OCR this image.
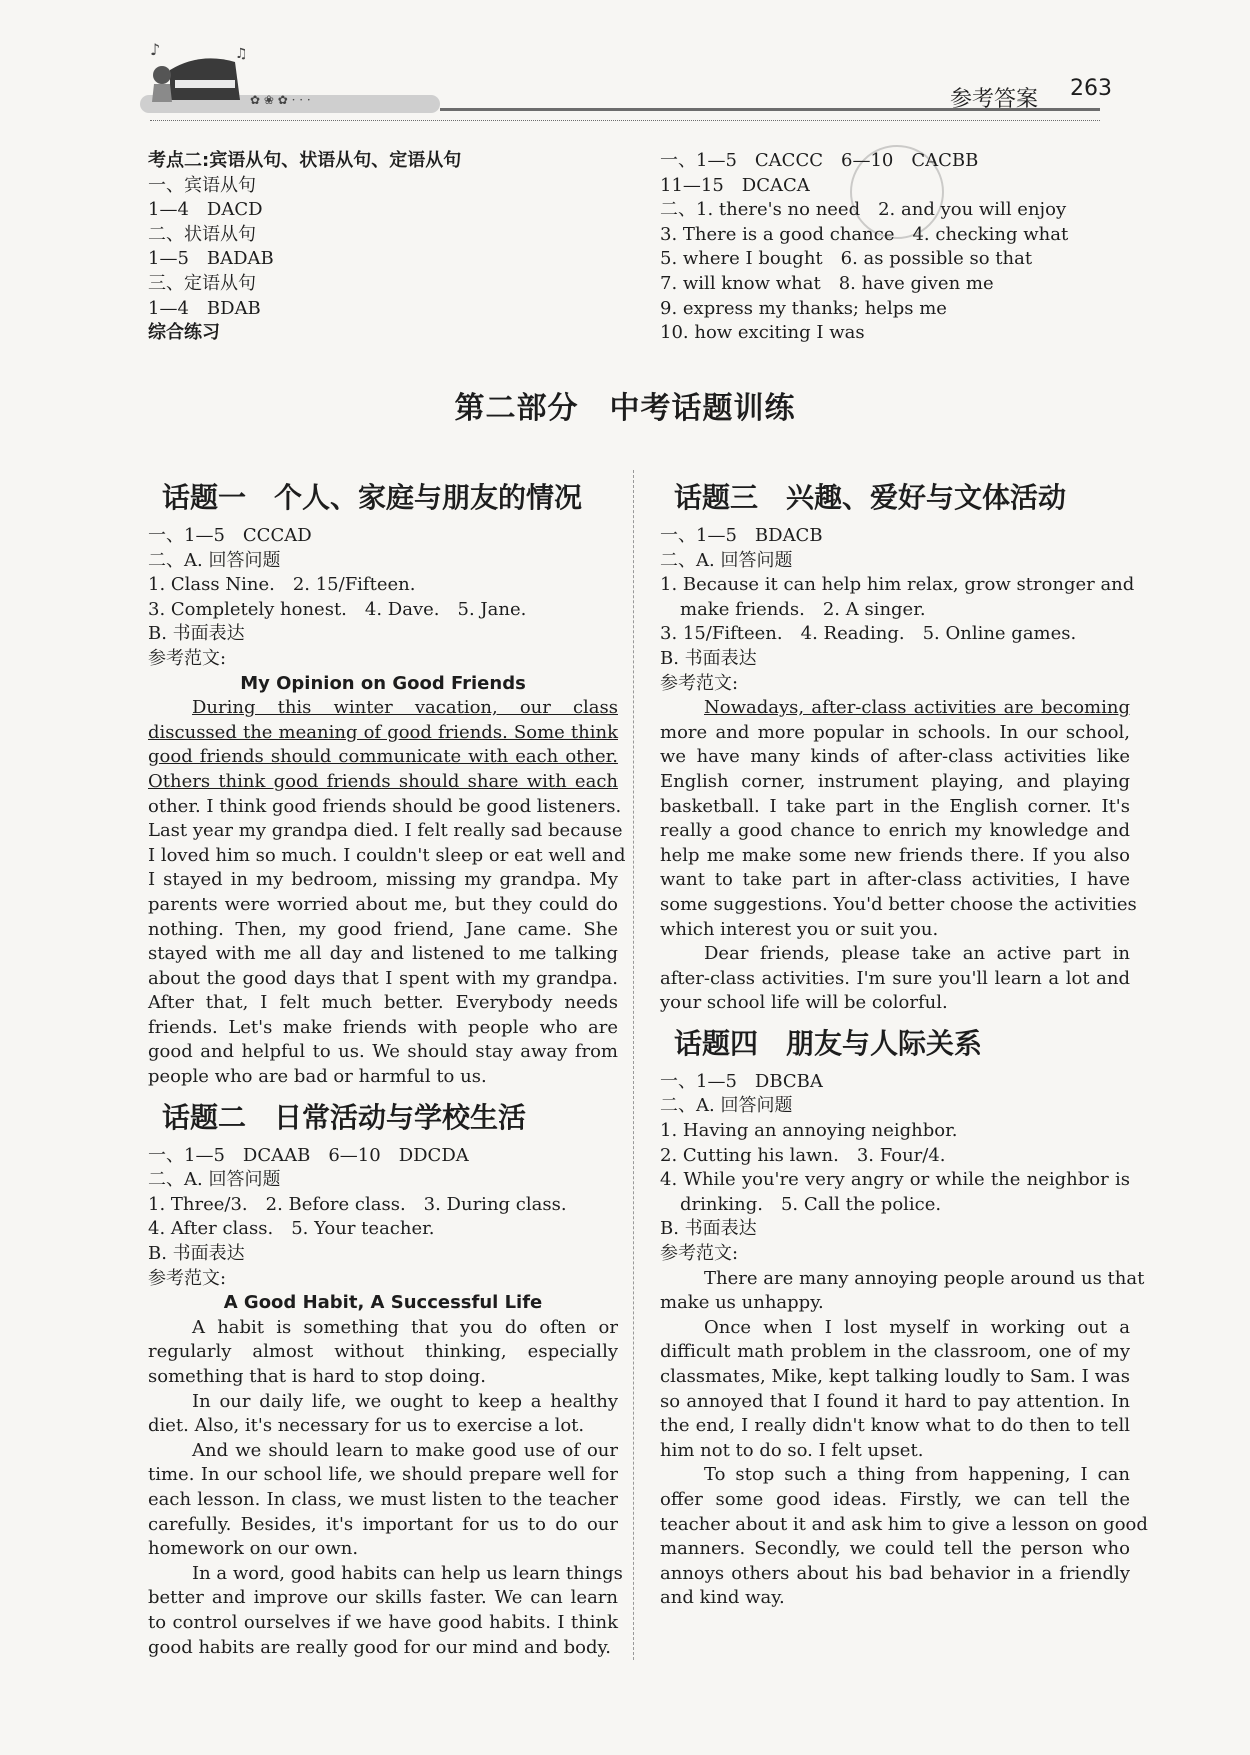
♪	♫
✿ ❀ ✿ · · ·	参考答案 263
考点二:宾语从句、状语从句、定语从句
一、宾语从句
1—4　DACD
二、状语从句
1—5　BADAB
三、定语从句
1—4　BDAB
综合练习
一、1—5　CACCC　6—10　CACBB
11—15　DCACA
二、1. there's no need　2. and you will enjoy
3. There is a good chance　4. checking what
5. where I bought　6. as possible so that
7. will know what　8. have given me
9. express my thanks; helps me
10. how exciting I was
第二部分　中考话题训练
话题一　个人、家庭与朋友的情况
一、1—5　CCCAD
二、A. 回答问题
1. Class Nine.　2. 15/Fifteen.
3. Completely honest.　4. Dave.　5. Jane.
B. 书面表达
参考范文:
My Opinion on Good Friends
During this winter vacation, our class
discussed the meaning of good friends. Some think
good friends should communicate with each other.
Others think good friends should share with each
other. I think good friends should be good listeners.
Last year my grandpa died. I felt really sad because
I loved him so much. I couldn't sleep or eat well and
I stayed in my bedroom, missing my grandpa. My
parents were worried about me, but they could do
nothing. Then, my good friend, Jane came. She
stayed with me all day and listened to me talking
about the good days that I spent with my grandpa.
After that, I felt much better. Everybody needs
friends. Let's make friends with people who are
good and helpful to us. We should stay away from
people who are bad or harmful to us.
话题二　日常活动与学校生活
一、1—5　DCAAB　6—10　DDCDA
二、A. 回答问题
1. Three/3.　2. Before class.　3. During class.
4. After class.　5. Your teacher.
B. 书面表达
参考范文:
A Good Habit, A Successful Life
A habit is something that you do often or
regularly almost without thinking, especially
something that is hard to stop doing.
In our daily life, we ought to keep a healthy
diet. Also, it's necessary for us to exercise a lot.
And we should learn to make good use of our
time. In our school life, we should prepare well for
each lesson. In class, we must listen to the teacher
carefully. Besides, it's important for us to do our
homework on our own.
In a word, good habits can help us learn things
better and improve our skills faster. We can learn
to control ourselves if we have good habits. I think
good habits are really good for our mind and body.
话题三　兴趣、爱好与文体活动
一、1—5　BDACB
二、A. 回答问题
1. Because it can help him relax, grow stronger and
make friends.　2. A singer.
3. 15/Fifteen.　4. Reading.　5. Online games.
B. 书面表达
参考范文:
Nowadays, after-class activities are becoming
more and more popular in schools. In our school,
we have many kinds of after-class activities like
English corner, instrument playing, and playing
basketball. I take part in the English corner. It's
really a good chance to enrich my knowledge and
help me make some new friends there. If you also
want to take part in after-class activities, I have
some suggestions. You'd better choose the activities
which interest you or suit you.
Dear friends, please take an active part in
after-class activities. I'm sure you'll learn a lot and
your school life will be colorful.
话题四　朋友与人际关系
一、1—5　DBCBA
二、A. 回答问题
1. Having an annoying neighbor.
2. Cutting his lawn.　3. Four/4.
4. While you're very angry or while the neighbor is
drinking.　5. Call the police.
B. 书面表达
参考范文:
There are many annoying people around us that
make us unhappy.
Once when I lost myself in working out a
difficult math problem in the classroom, one of my
classmates, Mike, kept talking loudly to Sam. I was
so annoyed that I found it hard to pay attention. In
the end, I really didn't know what to do then to tell
him not to do so. I felt upset.
To stop such a thing from happening, I can
offer some good ideas. Firstly, we can tell the
teacher about it and ask him to give a lesson on good
manners. Secondly, we could tell the person who
annoys others about his bad behavior in a friendly
and kind way.
